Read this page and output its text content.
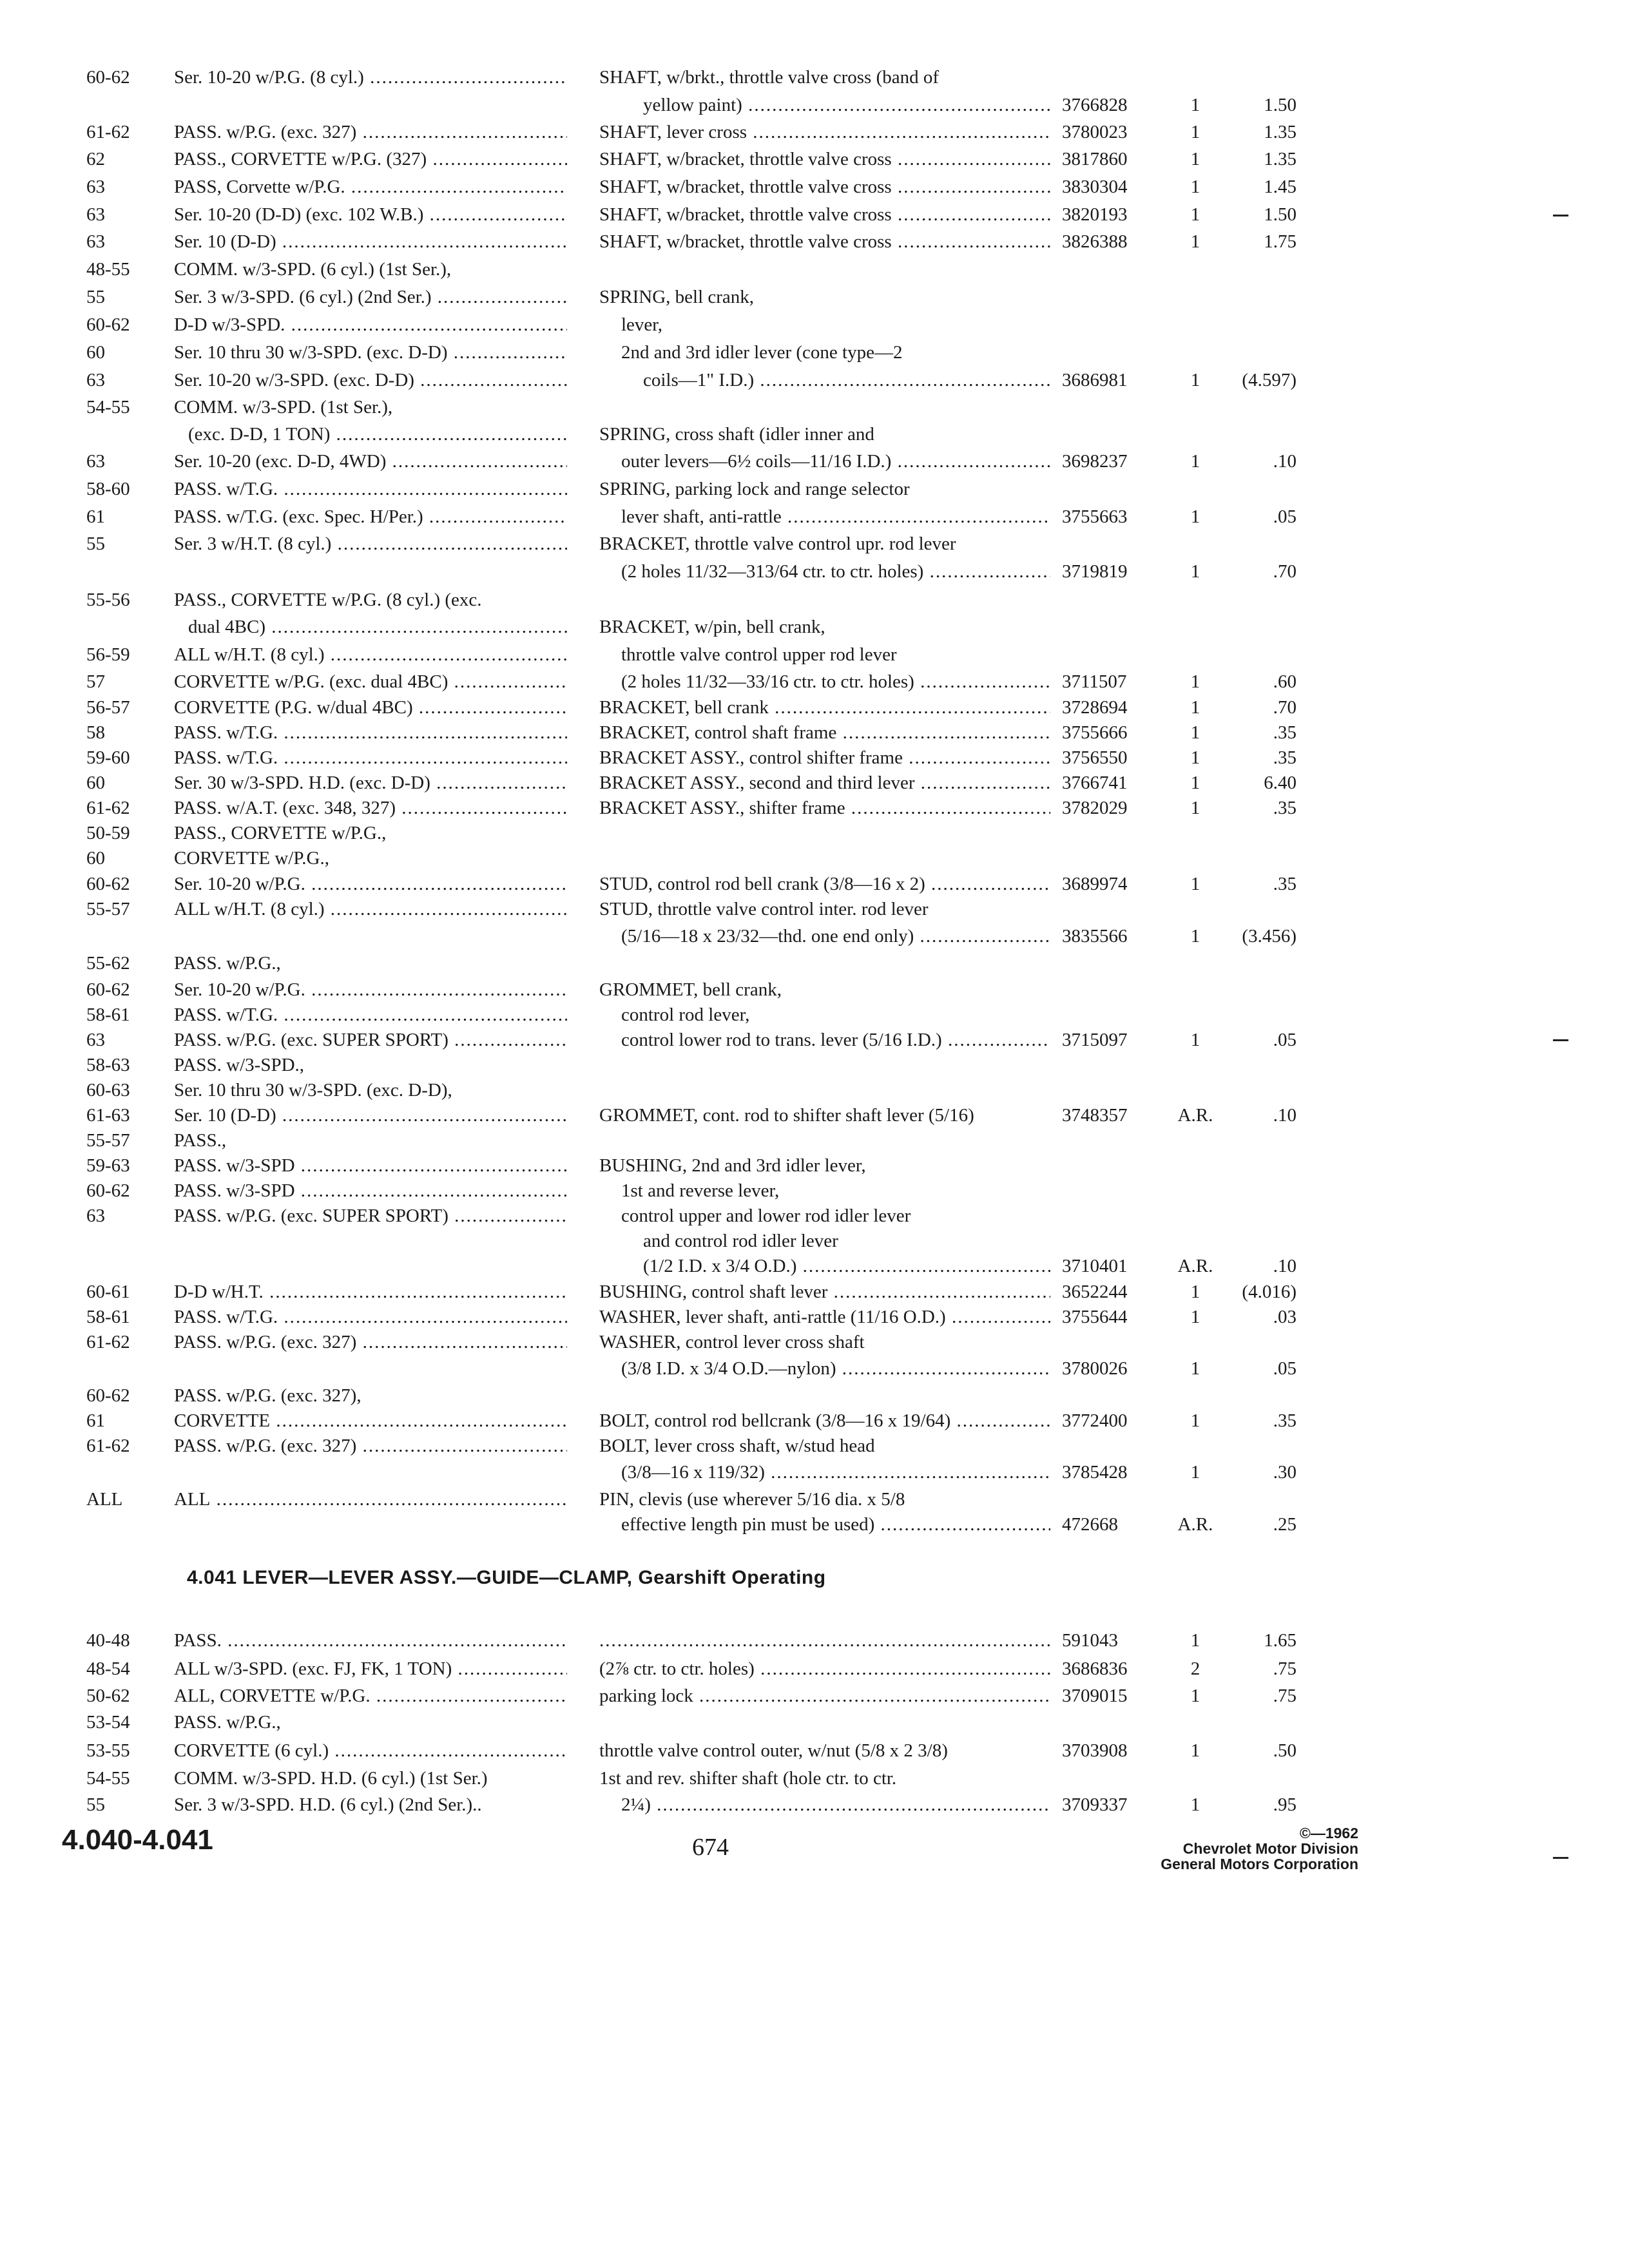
60-62	Ser. 10-20 w/P.G. (8 cyl.) .....	SHAFT, w/brkt., throttle valve cross (band of
yellow paint) .....	3766828	1	1.50
61-62	PASS. w/P.G. (exc. 327) .....	SHAFT, lever cross .....	3780023	1	1.35
62	PASS., CORVETTE w/P.G. (327) .....	SHAFT, w/bracket, throttle valve cross .....	3817860	1	1.35
63	PASS, Corvette w/P.G. .....	SHAFT, w/bracket, throttle valve cross .....	3830304	1	1.45
63	Ser. 10-20 (D-D) (exc. 102 W.B.) .....	SHAFT, w/bracket, throttle valve cross .....	3820193	1	1.50
63	Ser. 10 (D-D) .....	SHAFT, w/bracket, throttle valve cross .....	3826388	1	1.75
48-55	COMM. w/3-SPD. (6 cyl.) (1st Ser.),
55	Ser. 3 w/3-SPD. (6 cyl.) (2nd Ser.) .....	SPRING, bell crank,
60-62	D-D w/3-SPD. .....	lever,
60	Ser. 10 thru 30 w/3-SPD. (exc. D-D) .....	2nd and 3rd idler lever (cone type—2
63	Ser. 10-20 w/3-SPD. (exc. D-D) .....	coils—1" I.D.) .....	3686981	1	(4.597)
54-55	COMM. w/3-SPD. (1st Ser.),
(exc. D-D, 1 TON) .....	SPRING, cross shaft (idler inner and
63	Ser. 10-20 (exc. D-D, 4WD) .....	outer levers—6½ coils—11/16 I.D.) .....	3698237	1	.10
58-60	PASS. w/T.G. .....	SPRING, parking lock and range selector
61	PASS. w/T.G. (exc. Spec. H/Per.) .....	lever shaft, anti-rattle .....	3755663	1	.05
55	Ser. 3 w/H.T. (8 cyl.) .....	BRACKET, throttle valve control upr. rod lever
(2 holes 11/32—313/64 ctr. to ctr. holes) .....	3719819	1	.70
55-56	PASS., CORVETTE w/P.G. (8 cyl.) (exc.
dual 4BC) .....	BRACKET, w/pin, bell crank,
56-59	ALL w/H.T. (8 cyl.) .....	throttle valve control upper rod lever
57	CORVETTE w/P.G. (exc. dual 4BC) .....	(2 holes 11/32—33/16 ctr. to ctr. holes) .....	3711507	1	.60
56-57	CORVETTE (P.G. w/dual 4BC) .....	BRACKET, bell crank .....	3728694	1	.70
58	PASS. w/T.G. .....	BRACKET, control shaft frame .....	3755666	1	.35
59-60	PASS. w/T.G. .....	BRACKET ASSY., control shifter frame .....	3756550	1	.35
60	Ser. 30 w/3-SPD. H.D. (exc. D-D) .....	BRACKET ASSY., second and third lever .....	3766741	1	6.40
61-62	PASS. w/A.T. (exc. 348, 327) .....	BRACKET ASSY., shifter frame .....	3782029	1	.35
50-59	PASS., CORVETTE w/P.G.,
60	CORVETTE w/P.G.,
60-62	Ser. 10-20 w/P.G. .....	STUD, control rod bell crank (3/8—16 x 2) .....	3689974	1	.35
55-57	ALL w/H.T. (8 cyl.) .....	STUD, throttle valve control inter. rod lever
(5/16—18 x 23/32—thd. one end only) .....	3835566	1	(3.456)
55-62	PASS. w/P.G.,
60-62	Ser. 10-20 w/P.G. .....	GROMMET, bell crank,
58-61	PASS. w/T.G. .....	control rod lever,
63	PASS. w/P.G. (exc. SUPER SPORT) .....	control lower rod to trans. lever (5/16 I.D.) .....	3715097	1	.05
58-63	PASS. w/3-SPD.,
60-63	Ser. 10 thru 30 w/3-SPD. (exc. D-D),
61-63	Ser. 10 (D-D) .....	GROMMET, cont. rod to shifter shaft lever (5/16)	3748357	A.R.	.10
55-57	PASS.,
59-63	PASS. w/3-SPD .....	BUSHING, 2nd and 3rd idler lever,
60-62	PASS. w/3-SPD .....	1st and reverse lever,
63	PASS. w/P.G. (exc. SUPER SPORT) .....	control upper and lower rod idler lever
and control rod idler lever
(1/2 I.D. x 3/4 O.D.) .....	3710401	A.R.	.10
60-61	D-D w/H.T. .....	BUSHING, control shaft lever .....	3652244	1	(4.016)
58-61	PASS. w/T.G. .....	WASHER, lever shaft, anti-rattle (11/16 O.D.) .....	3755644	1	.03
61-62	PASS. w/P.G. (exc. 327) .....	WASHER, control lever cross shaft
(3/8 I.D. x 3/4 O.D.—nylon) .....	3780026	1	.05
60-62	PASS. w/P.G. (exc. 327),
61	CORVETTE .....	BOLT, control rod bellcrank (3/8—16 x 19/64) .....	3772400	1	.35
61-62	PASS. w/P.G. (exc. 327) .....	BOLT, lever cross shaft, w/stud head
(3/8—16 x 119/32) .....	3785428	1	.30
ALL	ALL .....	PIN, clevis (use wherever 5/16 dia. x 5/8
effective length pin must be used) .....	472668	A.R.	.25
4.041 LEVER—LEVER ASSY.—GUIDE—CLAMP, Gearshift Operating
40-48	PASS. .....
.....	591043	1	1.65
48-54	ALL w/3-SPD. (exc. FJ, FK, 1 TON) .....	(2⅞ ctr. to ctr. holes) .....	3686836	2	.75
50-62	ALL, CORVETTE w/P.G. .....	parking lock .....	3709015	1	.75
53-54	PASS. w/P.G.,
53-55	CORVETTE (6 cyl.) .....	throttle valve control outer, w/nut (5/8 x 2 3/8)	3703908	1	.50
54-55	COMM. w/3-SPD. H.D. (6 cyl.) (1st Ser.)	1st and rev. shifter shaft (hole ctr. to ctr.
55	Ser. 3 w/3-SPD. H.D. (6 cyl.) (2nd Ser.)..	2¼) .....	3709337	1	.95
4.040-4.041	674
©—1962
Chevrolet Motor Division
General Motors Corporation
